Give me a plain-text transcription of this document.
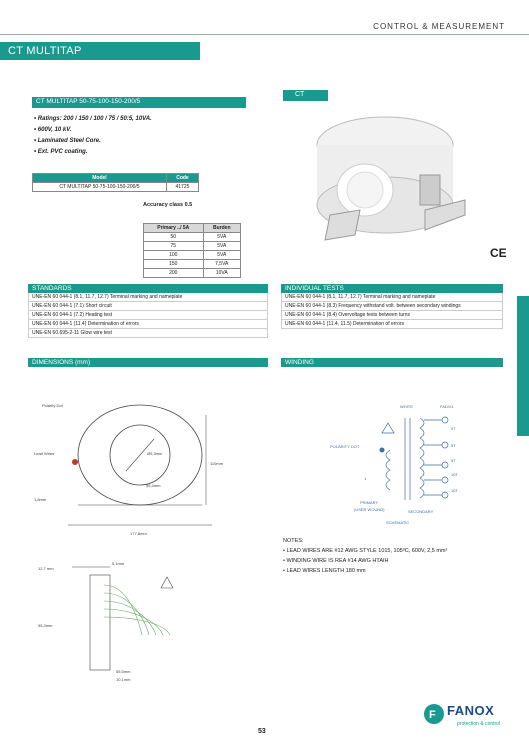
CONTROL & MEASUREMENT
CT MULTITAP
CT MULTITAP 50-75-100-150-200/5
• Ratings: 200 / 150 / 100 / 75 / 50:5, 10VA.
• 600V, 10 kV.
• Laminated Steel Core.
• Ext. PVC coating.
CT
CE
Model	Code
CT MULTITAP 50-75-100-150-200/5	41725
Accuracy class 0.5
Primary ../ 5A	Burden
50	5VA
75	5VA
100	5VA
150	7,5VA
200	10VA
STANDARDS
UNE-EN 60 044-1 (8.1, 11.7, 12.7) Terminal marking and nameplate
UNE-EN 60 044-1 (7.1) Short circuit
UNE-EN 60 044-1 (7.2) Heating test
UNE-EN 60 044-1 (11.4) Determination of errors
UNE-EN 60.695-2-11 Glow wire test
INDIVIDUAL TESTS
UNE-EN 60 044-1 (8.1, 11.7, 12.7) Terminal marking and nameplate
UNE-EN 60 044-1 (8.3) Frequency withstand volt. between secondary windings
UNE-EN 60 044-1 (8.4) Overvoltage tests between turns
UNE-EN 60 044-1 (11.4, 11.5) Determination of errors
DIMENSIONS (mm)	WINDING
Polarity Dot
Lead Wires	Ø9,3mm
110mm
55,3mm
1,8mm
177,8mm
12,7 mm
5,1mm
95,3mm
55,5mm
10,1mm
WHITE	FAD/X1
POLARITY DOT
0T
5T
5T
10T
10T
1
PRIMARY
(USER WOUND)	SECONDARY
SCHEMATIC
NOTES:
• LEAD WIRES ARE #12 AWG STYLE 1015, 105ºC, 600V, 2,5 mm²
• WINDING WIRE IS REA #14 AWG HTAIH
• LEAD WIRES LENGTH 180 mm
53
F FANOX
protection & control
